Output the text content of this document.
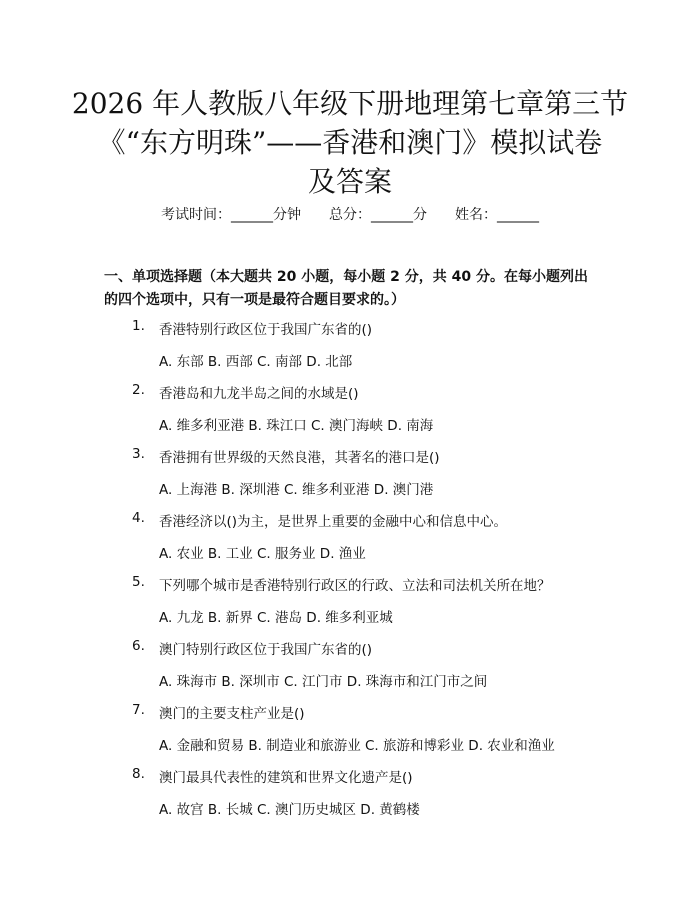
2026 年人教版八年级下册地理第七章第三节
《“东方明珠”——香港和澳门》模拟试卷
及答案
考试时间：______分钟 总分：______分 姓名：______
一、单项选择题（本大题共 20 小题，每小题 2 分，共 40 分。在每小题列出的四个选项中，只有一项是最符合题目要求的。）
1.	香港特别行政区位于我国广东省的()
A. 东部 B. 西部 C. 南部 D. 北部
2.	香港岛和九龙半岛之间的水域是()
A. 维多利亚港 B. 珠江口 C. 澳门海峡 D. 南海
3.	香港拥有世界级的天然良港，其著名的港口是()
A. 上海港 B. 深圳港 C. 维多利亚港 D. 澳门港
4.	香港经济以()为主，是世界上重要的金融中心和信息中心。
A. 农业 B. 工业 C. 服务业 D. 渔业
5.	下列哪个城市是香港特别行政区的行政、立法和司法机关所在地？
A. 九龙 B. 新界 C. 港岛 D. 维多利亚城
6.	澳门特别行政区位于我国广东省的()
A. 珠海市 B. 深圳市 C. 江门市 D. 珠海市和江门市之间
7.	澳门的主要支柱产业是()
A. 金融和贸易 B. 制造业和旅游业 C. 旅游和博彩业 D. 农业和渔业
8.	澳门最具代表性的建筑和世界文化遗产是()
A. 故宫 B. 长城 C. 澳门历史城区 D. 黄鹤楼
